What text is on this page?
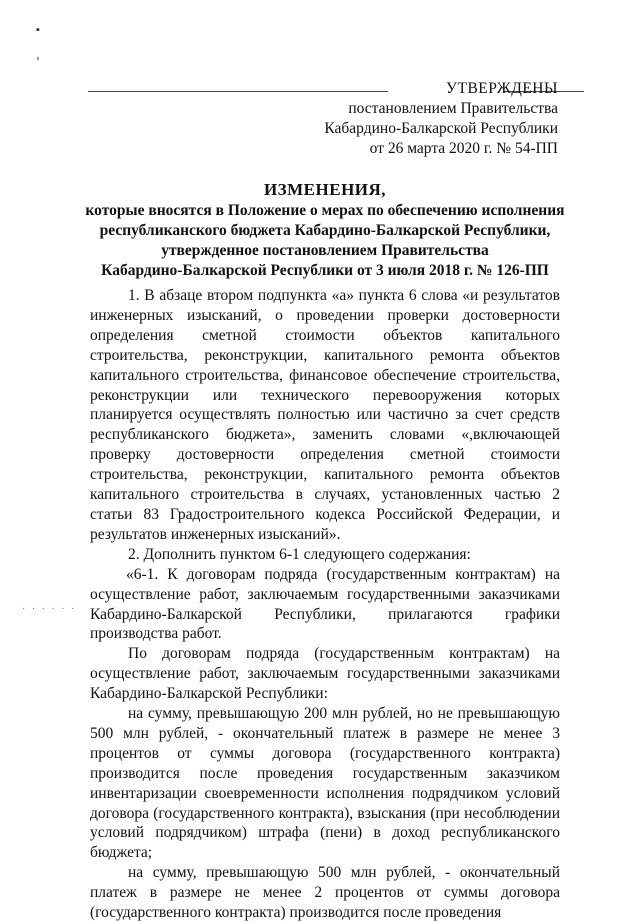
▪
›
УТВЕРЖДЕНЫ
постановлением Правительства
Кабардино-Балкарской Республики
от 26 марта 2020 г. № 54-ПП
ИЗМЕНЕНИЯ,
которые вносятся в Положение о мерах по обеспечению исполнения
республиканского бюджета Кабардино-Балкарской Республики,
утвержденное постановлением Правительства
Кабардино-Балкарской Республики от 3 июля 2018 г. № 126-ПП

1. В абзаце втором подпункта «а» пункта 6 слова «и результатов инженерных изысканий, о проведении проверки достоверности определения сметной стоимости объектов капитального строительства, реконструкции, капитального ремонта объектов капитального строительства, финансовое обеспечение строительства, реконструкции или технического перевооружения которых планируется осуществлять полностью или частично за счет средств республиканского бюджета», заменить словами «,включающей проверку достоверности определения сметной стоимости строительства, реконструкции, капитального ремонта объектов капитального строительства в случаях, установленных частью 2 статьи 83 Градостроительного кодекса Российской Федерации, и результатов инженерных изысканий».

2. Дополнить пунктом 6-1 следующего содержания:

«6-1. К договорам подряда (государственным контрактам) на осуществление работ, заключаемым государственными заказчиками Кабардино-Балкарской Республики, прилагаются графики производства работ.

По договорам подряда (государственным контрактам) на осуществление работ, заключаемым государственными заказчиками Кабардино-Балкарской Республики:

на сумму, превышающую 200 млн рублей, но не превышающую 500 млн рублей, - окончательный платеж в размере не менее 3 процентов от суммы договора (государственного контракта) производится после проведения государственным заказчиком инвентаризации своевременности исполнения подрядчиком условий договора (государственного контракта), взыскания (при несоблюдении условий подрядчиком) штрафа (пени) в доход республиканского бюджета;

на сумму, превышающую 500 млн рублей, - окончательный платеж в размере не менее 2 процентов от суммы договора (государственного контракта) производится после проведения

· · · · · ·
